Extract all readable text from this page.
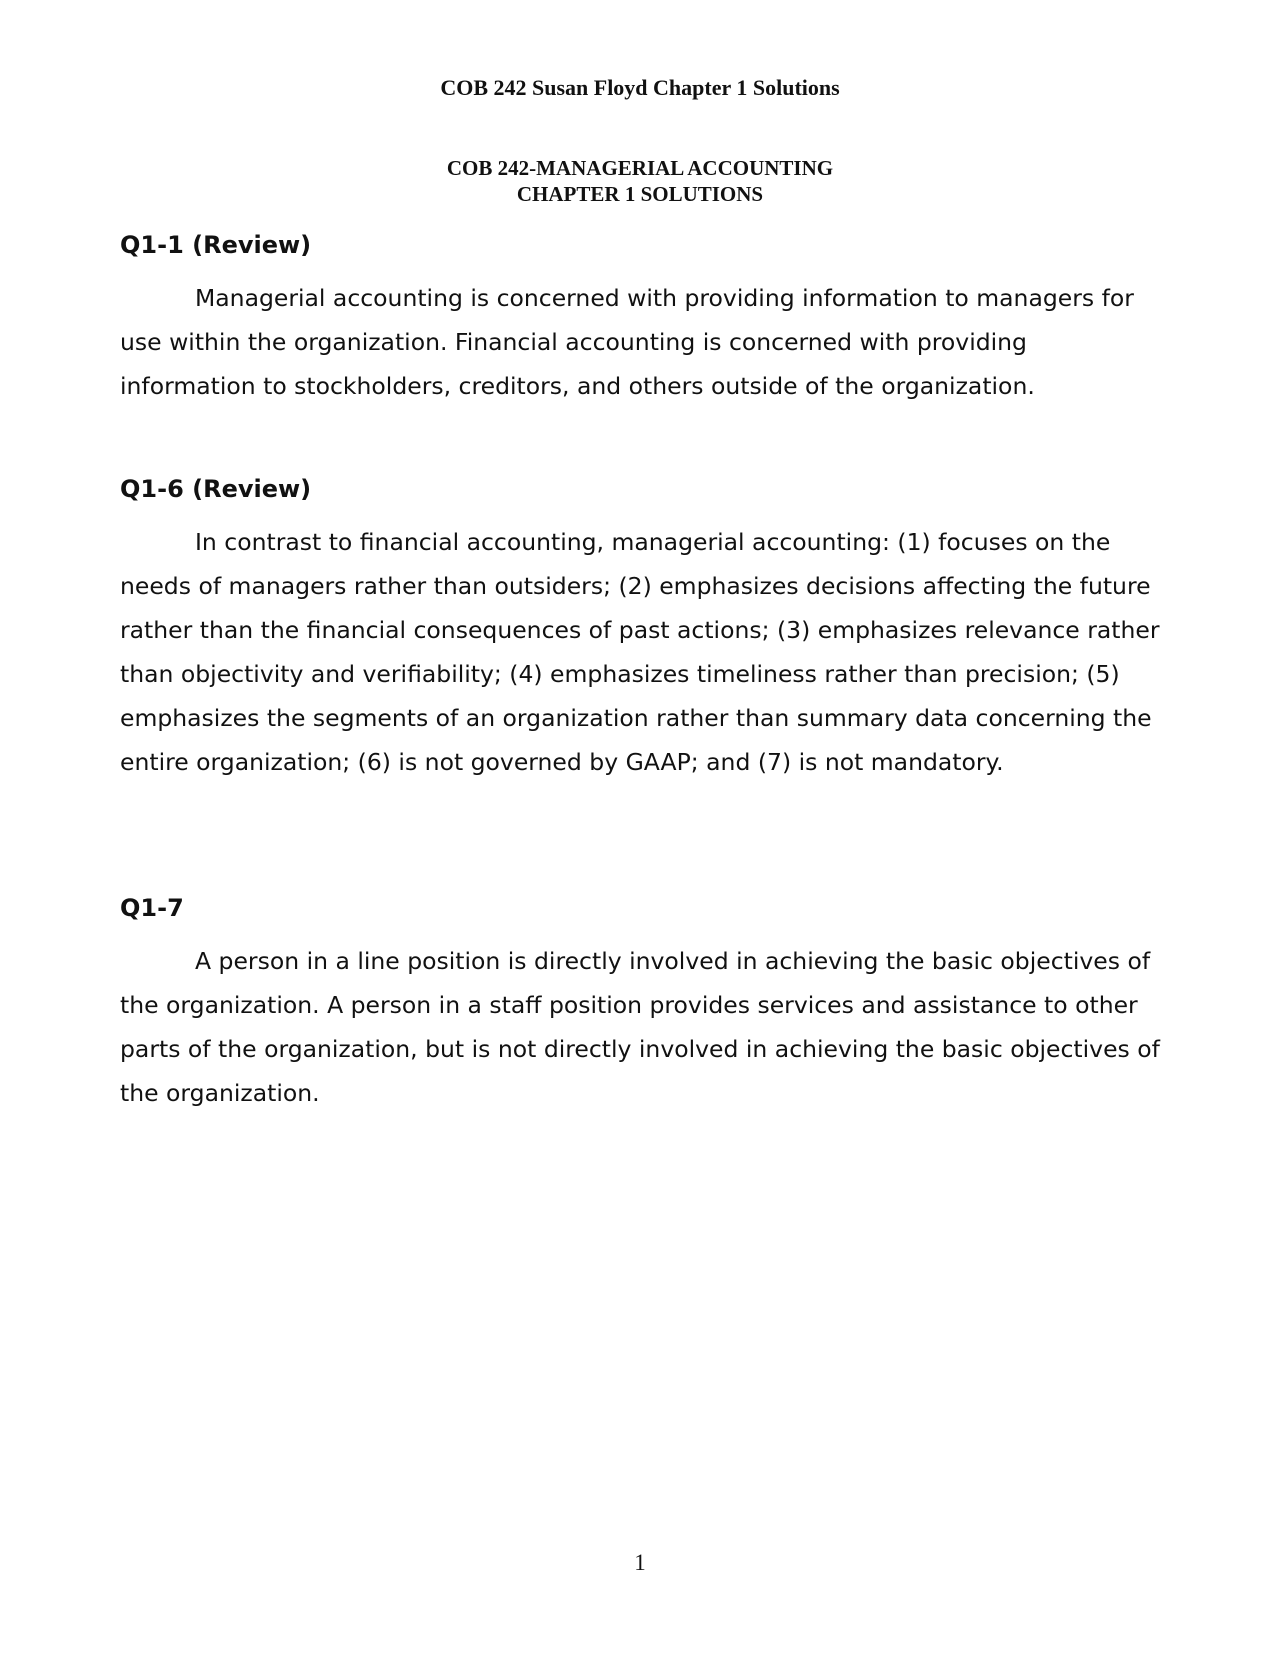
COB 242 Susan Floyd Chapter 1 Solutions
COB 242-MANAGERIAL ACCOUNTING
CHAPTER 1 SOLUTIONS

Q1-1 (Review)

Managerial accounting is concerned with providing information to managers for use within the organization. Financial accounting is concerned with providing information to stockholders, creditors, and others outside of the organization.

Q1-6 (Review)

In contrast to financial accounting, managerial accounting: (1) focuses on the needs of managers rather than outsiders; (2) emphasizes decisions affecting the future rather than the financial consequences of past actions; (3) emphasizes relevance rather than objectivity and verifiability; (4) emphasizes timeliness rather than precision; (5) emphasizes the segments of an organization rather than summary data concerning the entire organization; (6) is not governed by GAAP; and (7) is not mandatory.

Q1-7

A person in a line position is directly involved in achieving the basic objectives of the organization. A person in a staff position provides services and assistance to other parts of the organization, but is not directly involved in achieving the basic objectives of the organization.

1
